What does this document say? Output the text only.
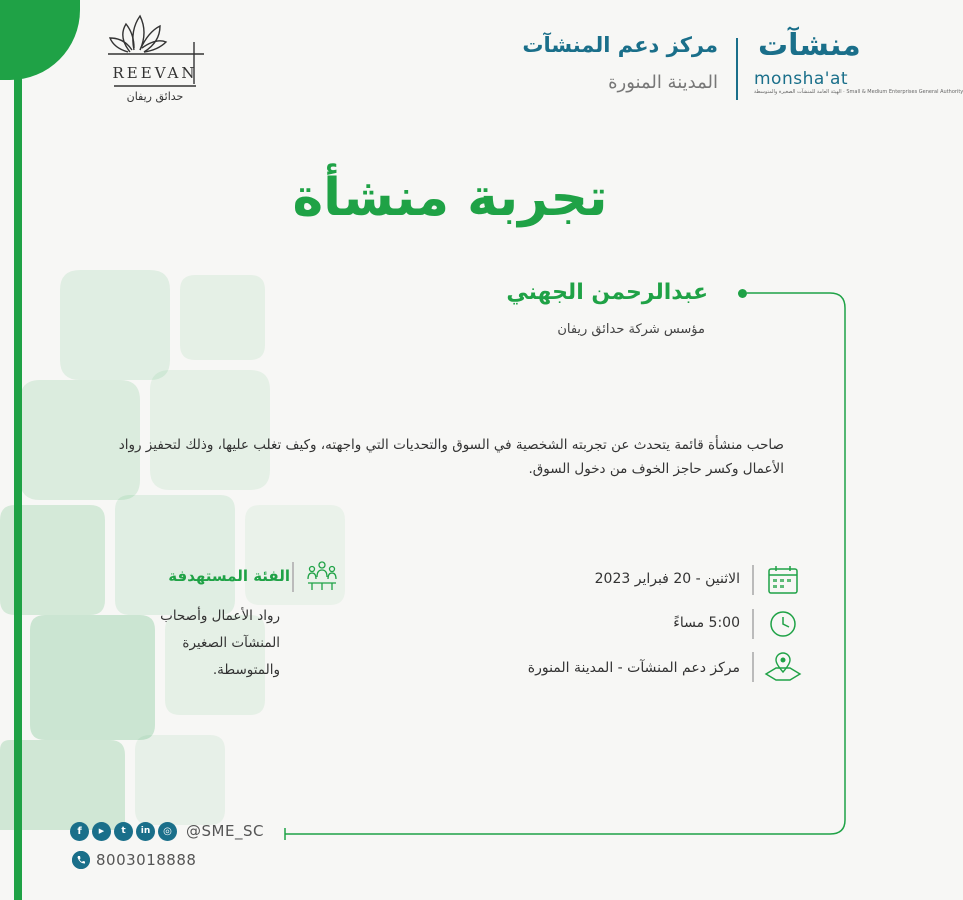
REEVAN
حدائق ريفان
مركز دعم المنشآت
المدينة المنورة
منشآت
monsha'at
الهيئة العامة للمنشآت الصغيرة والمتوسطة · Small & Medium Enterprises General Authority
تجربة منشأة
عبدالرحمن الجهني
مؤسس شركة حدائق ريفان
صاحب منشأة قائمة يتحدث عن تجربته الشخصية في السوق والتحديات التي واجهته، وكيف تغلب عليها، وذلك لتحفيز رواد الأعمال وكسر حاجز الخوف من دخول السوق.
الاثنين - 20 فبراير 2023
5:00 مساءً
مركز دعم المنشآت - المدينة المنورة
الفئة المستهدفة
رواد الأعمال وأصحاب المنشآت الصغيرة والمتوسطة.
f	▶	t	in	◎ @SME_SC
8003018888
